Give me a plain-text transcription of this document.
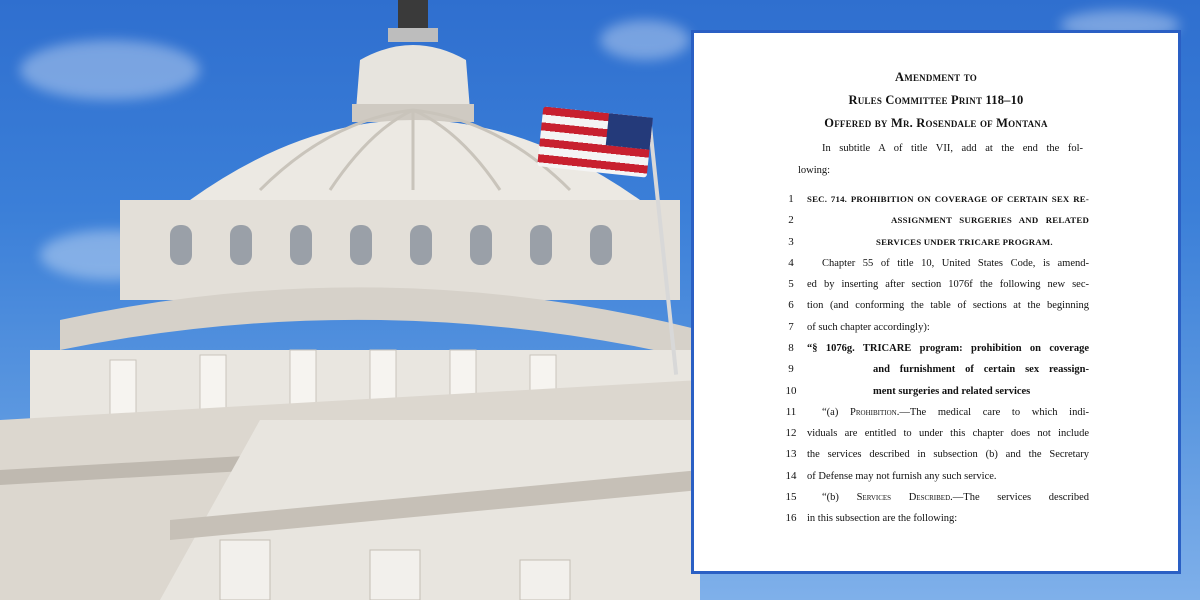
Amendment to
Rules Committee Print 118–10
Offered by Mr. Rosendale of Montana
In subtitle A of title VII, add at the end the fol-
lowing:
1	SEC. 714. PROHIBITION ON COVERAGE OF CERTAIN SEX RE-
2	ASSIGNMENT SURGERIES AND RELATED
3	SERVICES UNDER TRICARE PROGRAM.
4	Chapter 55 of title 10, United States Code, is amend-
5	ed by inserting after section 1076f the following new sec-
6	tion (and conforming the table of sections at the beginning
7	of such chapter accordingly):
8	“§ 1076g. TRICARE program: prohibition on coverage
9	and furnishment of certain sex reassign-
10	ment surgeries and related services
11	“(a) Prohibition.—The medical care to which indi-
12	viduals are entitled to under this chapter does not include
13	the services described in subsection (b) and the Secretary
14	of Defense may not furnish any such service.
15	“(b) Services Described.—The services described
16	in this subsection are the following:
